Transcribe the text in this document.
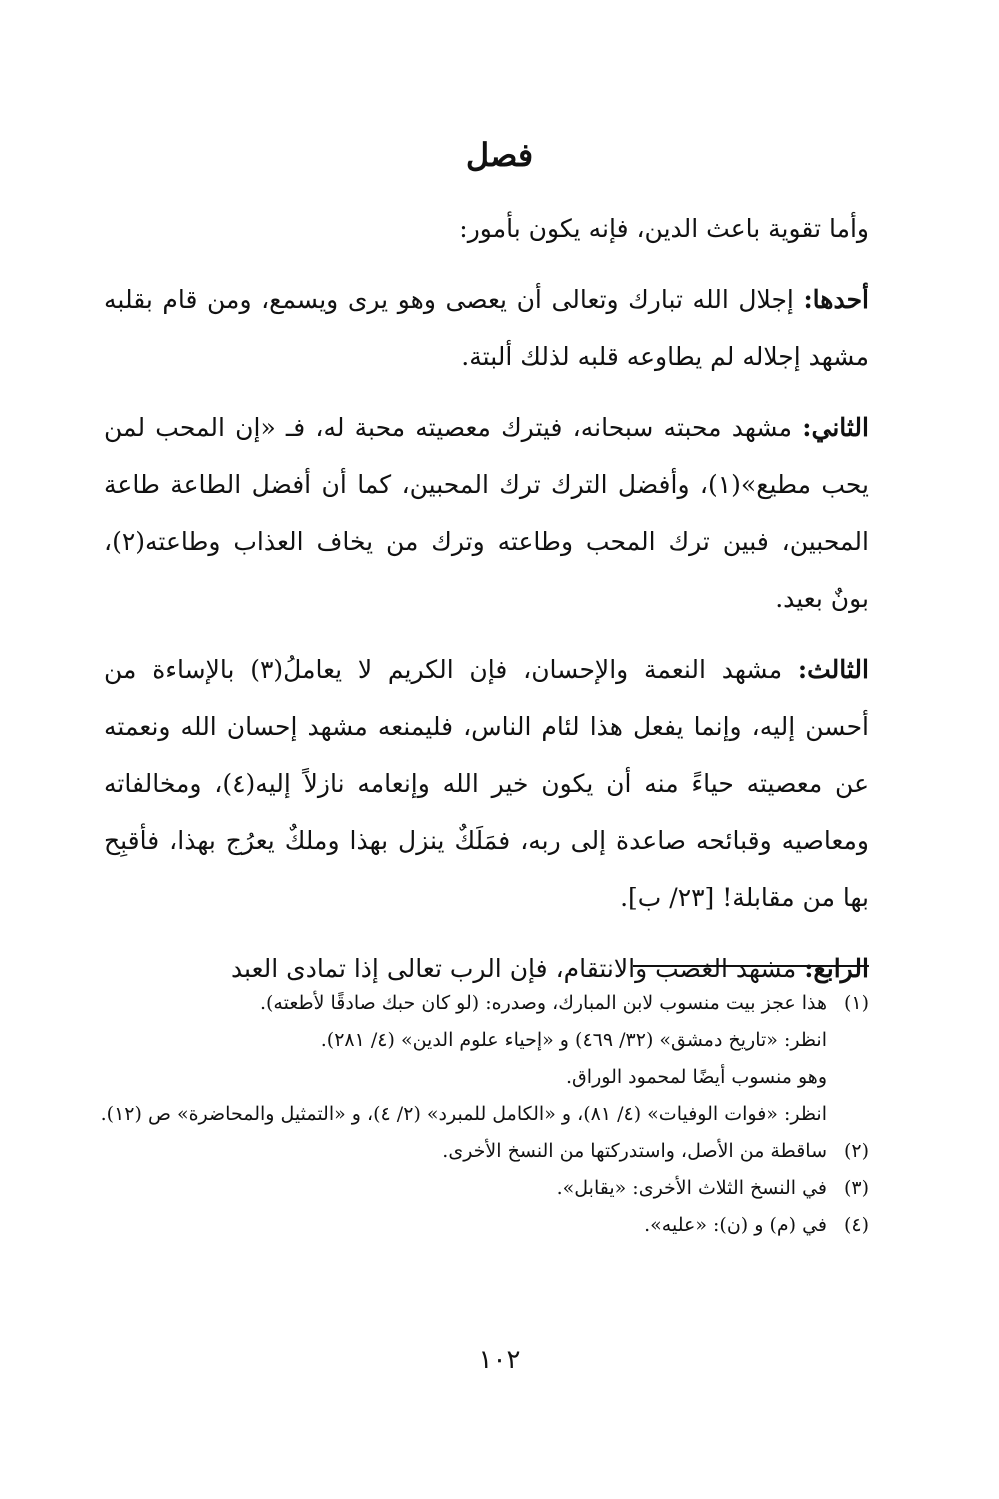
فصل

وأما تقوية باعث الدين، فإنه يكون بأمور:

أحدها: إجلال الله تبارك وتعالى أن يعصى وهو يرى ويسمع، ومن قام بقلبه مشهد إجلاله لم يطاوعه قلبه لذلك ألبتة.

الثاني: مشهد محبته سبحانه، فيترك معصيته محبة له، فـ «إن المحب لمن يحب مطيع»(١)، وأفضل الترك ترك المحبين، كما أن أفضل الطاعة طاعة المحبين، فبين ترك المحب وطاعته وترك من يخاف العذاب وطاعته(٢)، بونٌ بعيد.

الثالث: مشهد النعمة والإحسان، فإن الكريم لا يعاملُ(٣) بالإساءة من أحسن إليه، وإنما يفعل هذا لئام الناس، فليمنعه مشهد إحسان الله ونعمته عن معصيته حياءً منه أن يكون خير الله وإنعامه نازلاً إليه(٤)، ومخالفاته ومعاصيه وقبائحه صاعدة إلى ربه، فمَلَكٌ ينزل بهذا وملكٌ يعرُج بهذا، فأقبِح بها من مقابلة! [٢٣/ ب].

الرابع: مشهد الغضب والانتقام، فإن الرب تعالى إذا تمادى العبد

(١)
هذا عجز بيت منسوب لابن المبارك، وصدره: (لو كان حبك صادقًا لأطعته).
انظر: «تاريخ دمشق» (٣٢/ ٤٦٩) و «إحياء علوم الدين» (٤/ ٢٨١).
وهو منسوب أيضًا لمحمود الوراق.
انظر: «فوات الوفيات» (٤/ ٨١)، و «الكامل للمبرد» (٢/ ٤)، و «التمثيل والمحاضرة» ص (١٢).
(٢)
ساقطة من الأصل، واستدركتها من النسخ الأخرى.
(٣)
في النسخ الثلاث الأخرى: «يقابل».
(٤)
في (م) و (ن): «عليه».
١٠٢
